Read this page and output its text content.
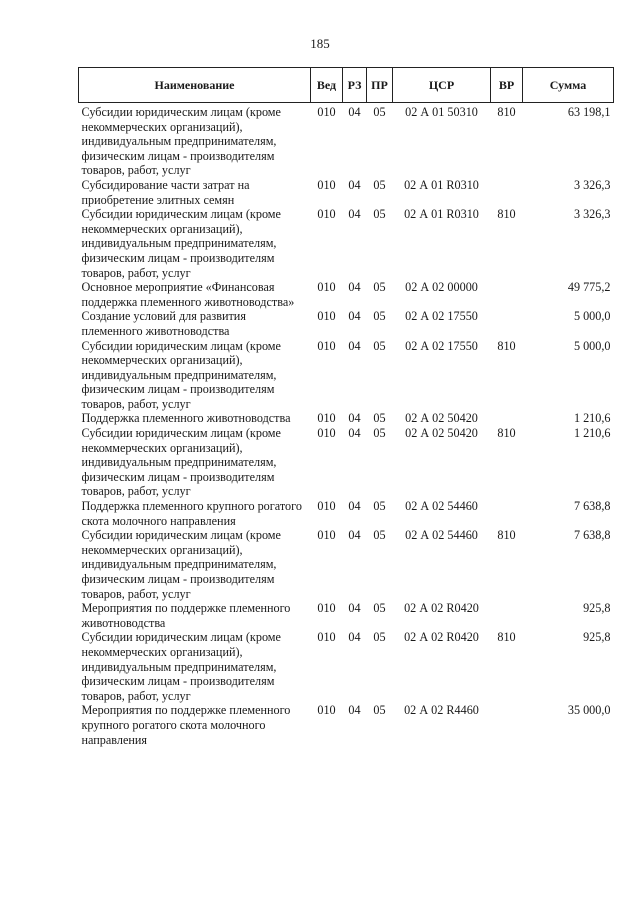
185
Наименование	Вед	РЗ	ПР	ЦСР	ВР	Сумма
Субсидии юридическим лицам (кроме некоммерческих организаций), индивидуальным предпринимателям, физическим лицам - производителям товаров, работ, услуг	010	04	05	02 А 01 50310	810	63 198,1
Субсидирование части затрат на приобретение элитных семян	010	04	05	02 А 01 R0310		3 326,3
Субсидии юридическим лицам (кроме некоммерческих организаций), индивидуальным предпринимателям, физическим лицам - производителям товаров, работ, услуг	010	04	05	02 А 01 R0310	810	3 326,3
Основное мероприятие «Финансовая поддержка племенного животноводства»	010	04	05	02 А 02 00000		49 775,2
Создание условий для развития племенного животноводства	010	04	05	02 А 02 17550		5 000,0
Субсидии юридическим лицам (кроме некоммерческих организаций), индивидуальным предпринимателям, физическим лицам - производителям товаров, работ, услуг	010	04	05	02 А 02 17550	810	5 000,0
Поддержка племенного животноводства	010	04	05	02 А 02 50420		1 210,6
Субсидии юридическим лицам (кроме некоммерческих организаций), индивидуальным предпринимателям, физическим лицам - производителям товаров, работ, услуг	010	04	05	02 А 02 50420	810	1 210,6
Поддержка племенного крупного рогатого скота молочного направления	010	04	05	02 А 02 54460		7 638,8
Субсидии юридическим лицам (кроме некоммерческих организаций), индивидуальным предпринимателям, физическим лицам - производителям товаров, работ, услуг	010	04	05	02 А 02 54460	810	7 638,8
Мероприятия по поддержке племенного животноводства	010	04	05	02 А 02 R0420		925,8
Субсидии юридическим лицам (кроме некоммерческих организаций), индивидуальным предпринимателям, физическим лицам - производителям товаров, работ, услуг	010	04	05	02 А 02 R0420	810	925,8
Мероприятия по поддержке племенного крупного рогатого скота молочного направления	010	04	05	02 А 02 R4460		35 000,0
